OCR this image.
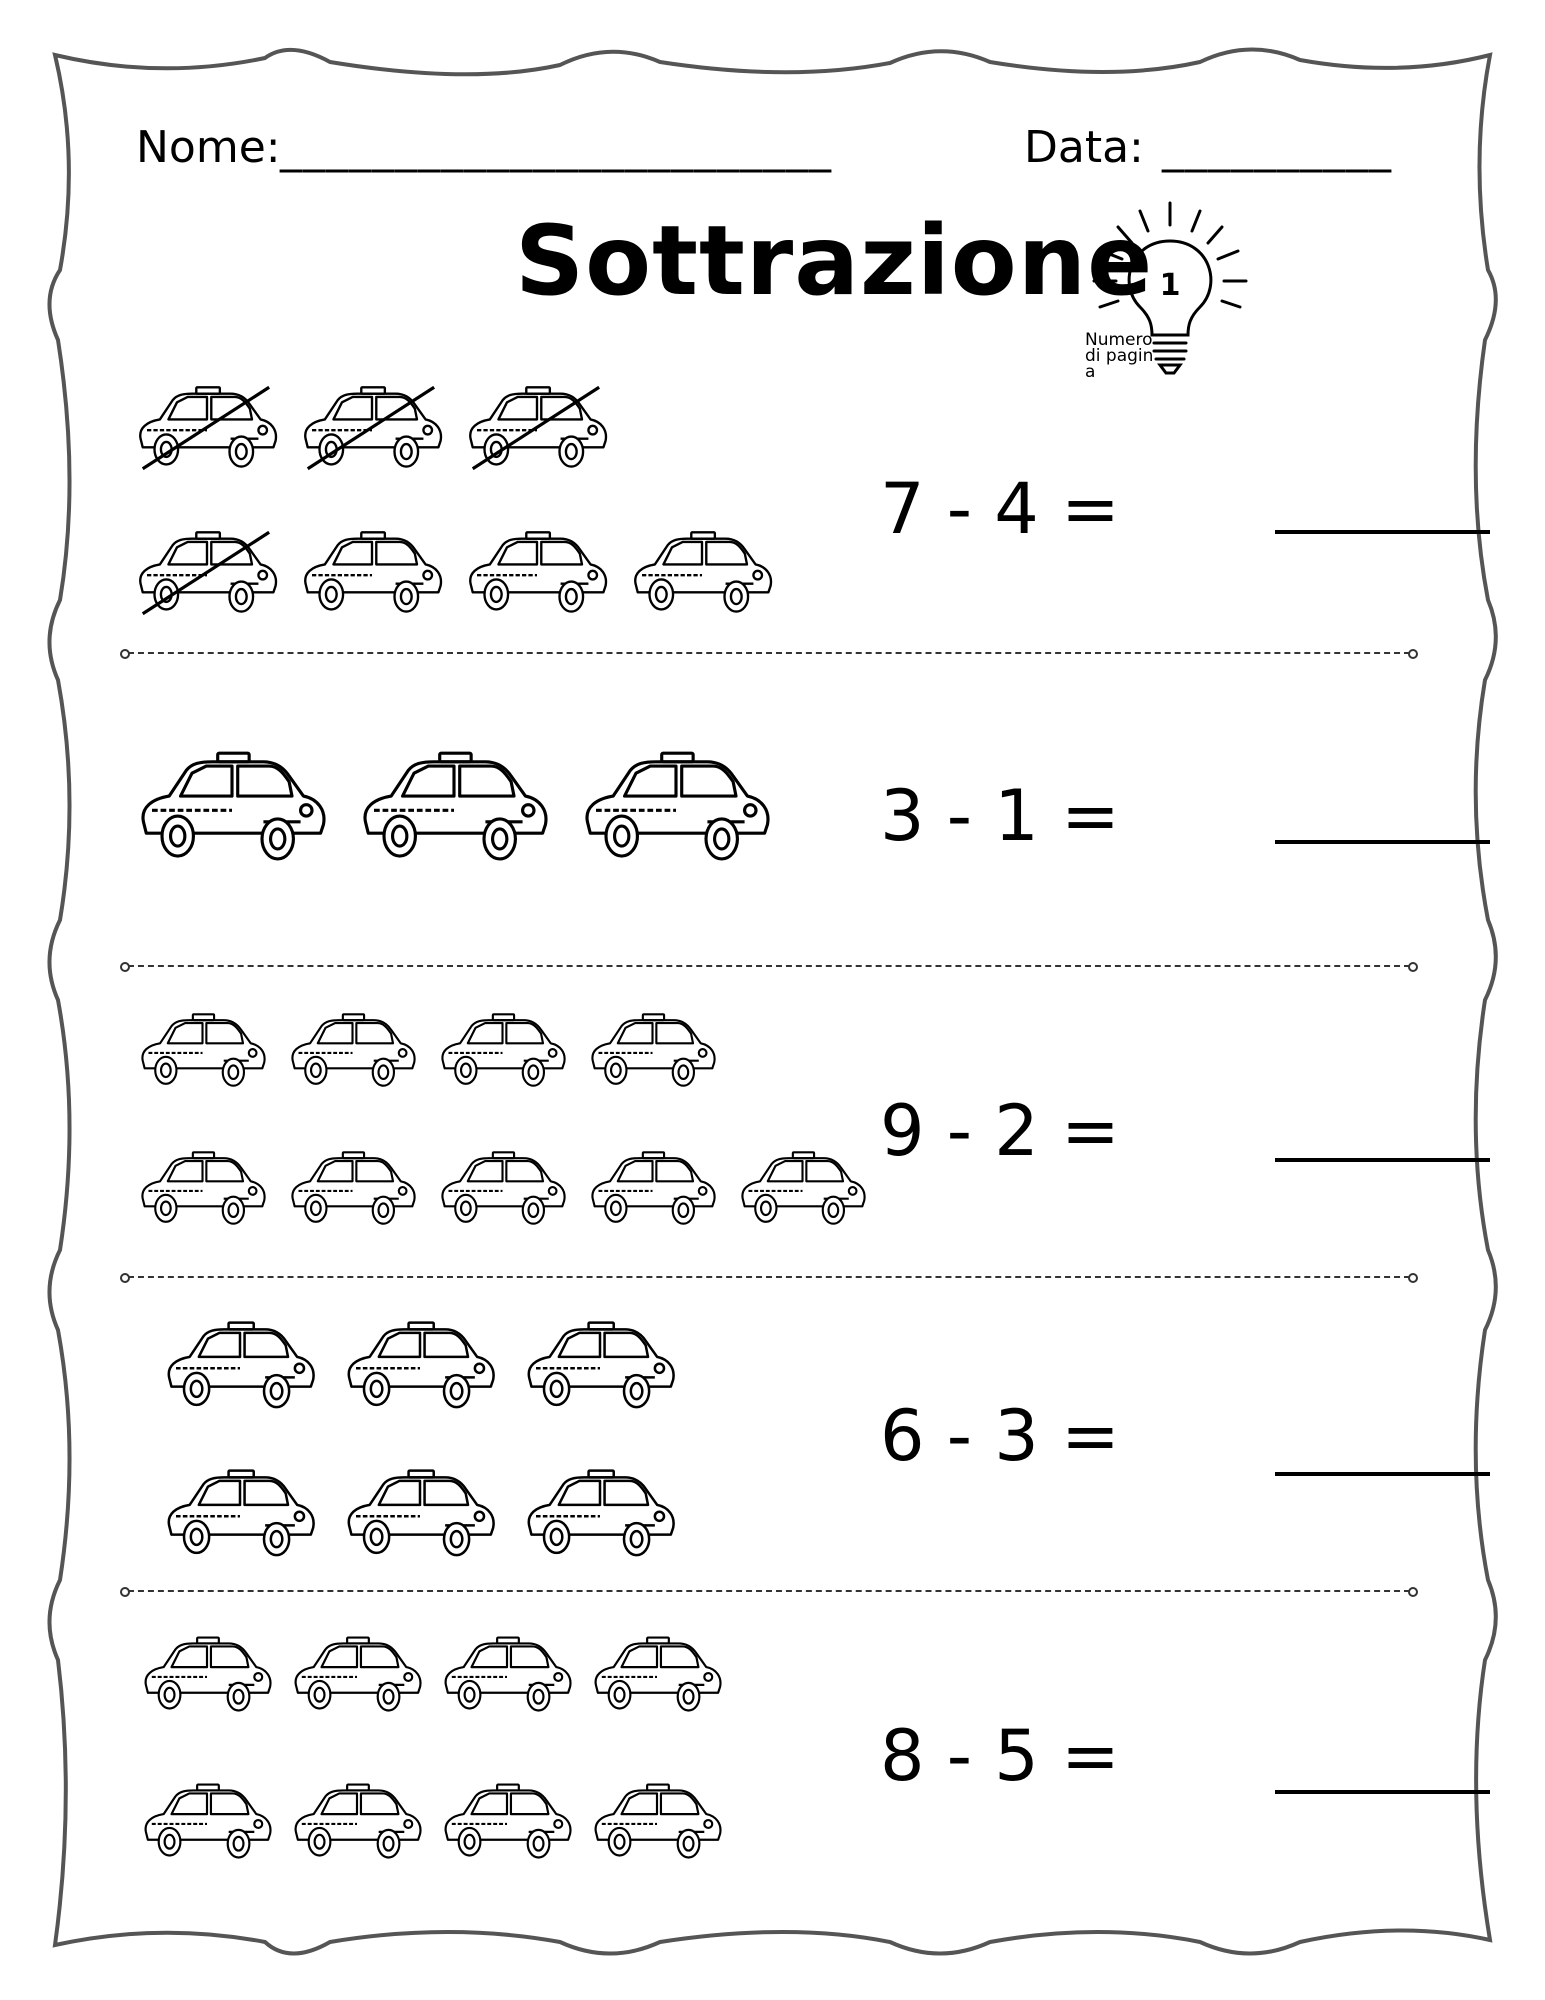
Nome: ________________________	Data: __________
Sottrazione 1
Numero di pagina
7 - 4 =
3 - 1 =
9 - 2 =
6 - 3 =
8 - 5 =
